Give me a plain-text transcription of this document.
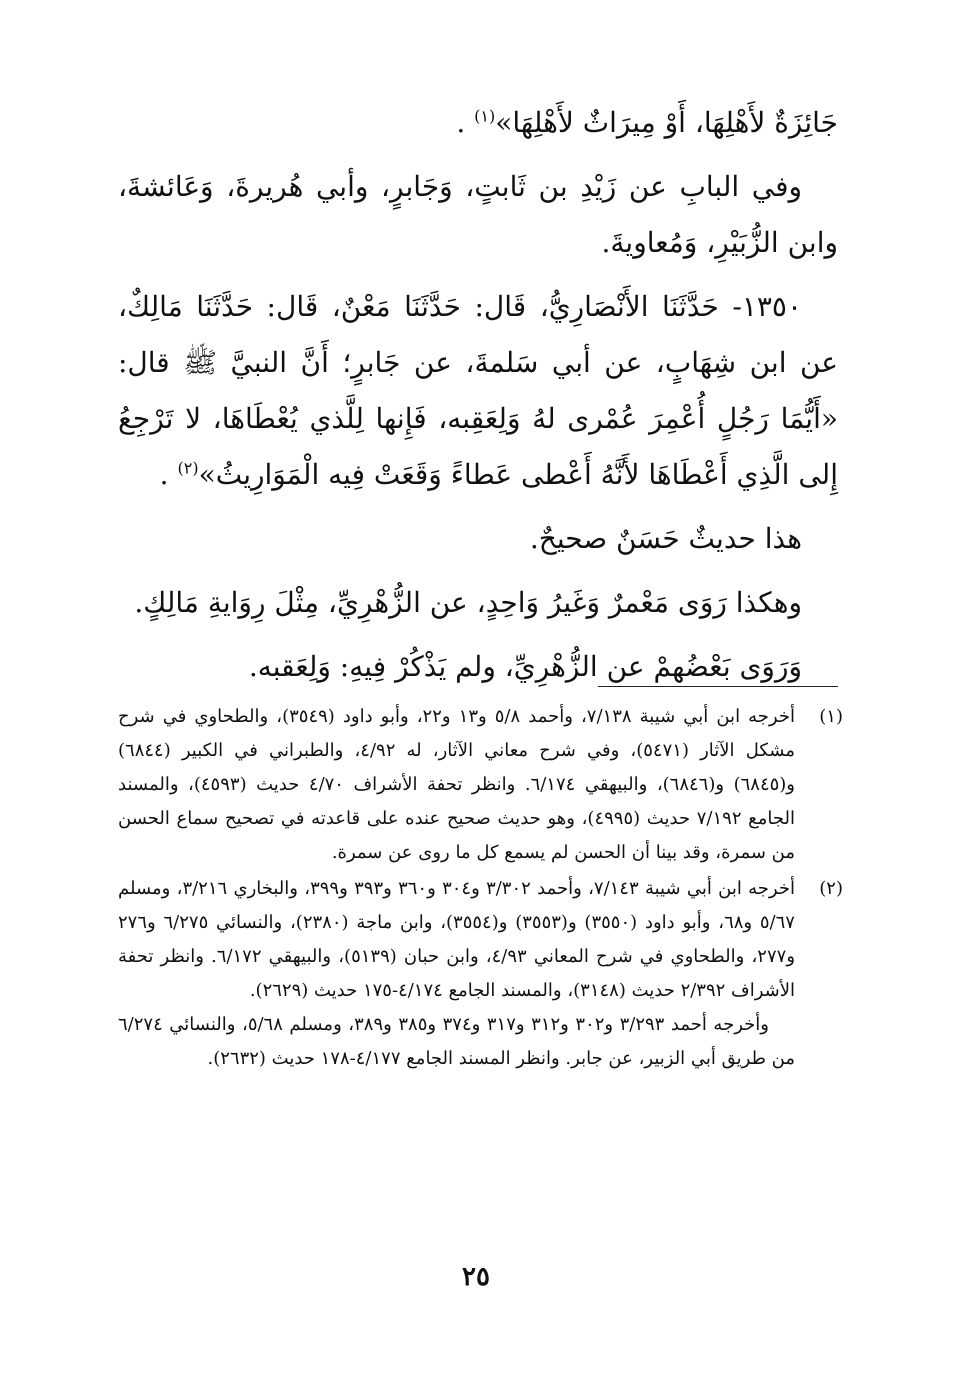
جَائِزَةٌ لأَهْلِهَا، أَوْ مِيرَاثٌ لأَهْلِهَا»$^{(١)}$ .

وفي البابِ عن زَيْدِ بن ثَابتٍ، وَجَابرٍ، وأبي هُريرةَ، وَعَائشةَ، وابن الزُّبَيْرِ، وَمُعاويةَ.

١٣٥٠- حَدَّثَنَا الأَنْصَارِيُّ، قَال: حَدَّثَنَا مَعْنٌ، قَال: حَدَّثَنَا مَالِكٌ، عن ابن شِهَابٍ، عن أبي سَلمةَ، عن جَابرٍ؛ أَنَّ النبيَّ ﷺ قال: «أَيُّمَا رَجُلٍ أُعْمِرَ عُمْرى لهُ وَلِعَقِبه، فَإِنها لِلَّذي يُعْطَاهَا، لا تَرْجِعُ إِلى الَّذِي أَعْطَاهَا لأَنَّهُ أَعْطى عَطاءً وَقَعَتْ فِيه الْمَوَارِيثُ»$^{(٢)}$ .

هذا حديثٌ حَسَنٌ صحيحٌ.

وهكذا رَوَى مَعْمرٌ وَغَيرُ وَاحِدٍ، عن الزُّهْرِيِّ، مِثْلَ رِوَايةِ مَالِكٍ.

وَرَوَى بَعْضُهمْ عن الزُّهْرِيِّ، ولم يَذْكُرْ فِيهِ: وَلِعَقبه.

(١)

أخرجه ابن أبي شيبة ٧/١٣٨، وأحمد ٥/٨ و١٣ و٢٢، وأبو داود (٣٥٤٩)، والطحاوي في شرح مشكل الآثار (٥٤٧١)، وفي شرح معاني الآثار، له ٤/٩٢، والطبراني في الكبير (٦٨٤٤) و(٦٨٤٥) و(٦٨٤٦)، والبيهقي ٦/١٧٤. وانظر تحفة الأشراف ٤/٧٠ حديث (٤٥٩٣)، والمسند الجامع ٧/١٩٢ حديث (٤٩٩٥)، وهو حديث صحيح عنده على قاعدته في تصحيح سماع الحسن من سمرة، وقد بينا أن الحسن لم يسمع كل ما روى عن سمرة.

(٢)

أخرجه ابن أبي شيبة ٧/١٤٣، وأحمد ٣/٣٠٢ و٣٠٤ و٣٦٠ و٣٩٣ و٣٩٩، والبخاري ٣/٢١٦، ومسلم ٥/٦٧ و٦٨، وأبو داود (٣٥٥٠) و(٣٥٥٣) و(٣٥٥٤)، وابن ماجة (٢٣٨٠)، والنسائي ٦/٢٧٥ و٢٧٦ و٢٧٧، والطحاوي في شرح المعاني ٤/٩٣، وابن حبان (٥١٣٩)، والبيهقي ٦/١٧٢. وانظر تحفة الأشراف ٢/٣٩٢ حديث (٣١٤٨)، والمسند الجامع ٤/١٧٤-١٧٥ حديث (٢٦٢٩).

وأخرجه أحمد ٣/٢٩٣ و٣٠٢ و٣١٢ و٣١٧ و٣٧٤ و٣٨٥ و٣٨٩، ومسلم ٥/٦٨، والنسائي ٦/٢٧٤ من طريق أبي الزبير، عن جابر. وانظر المسند الجامع ٤/١٧٧-١٧٨ حديث (٢٦٣٢).

٢٥
